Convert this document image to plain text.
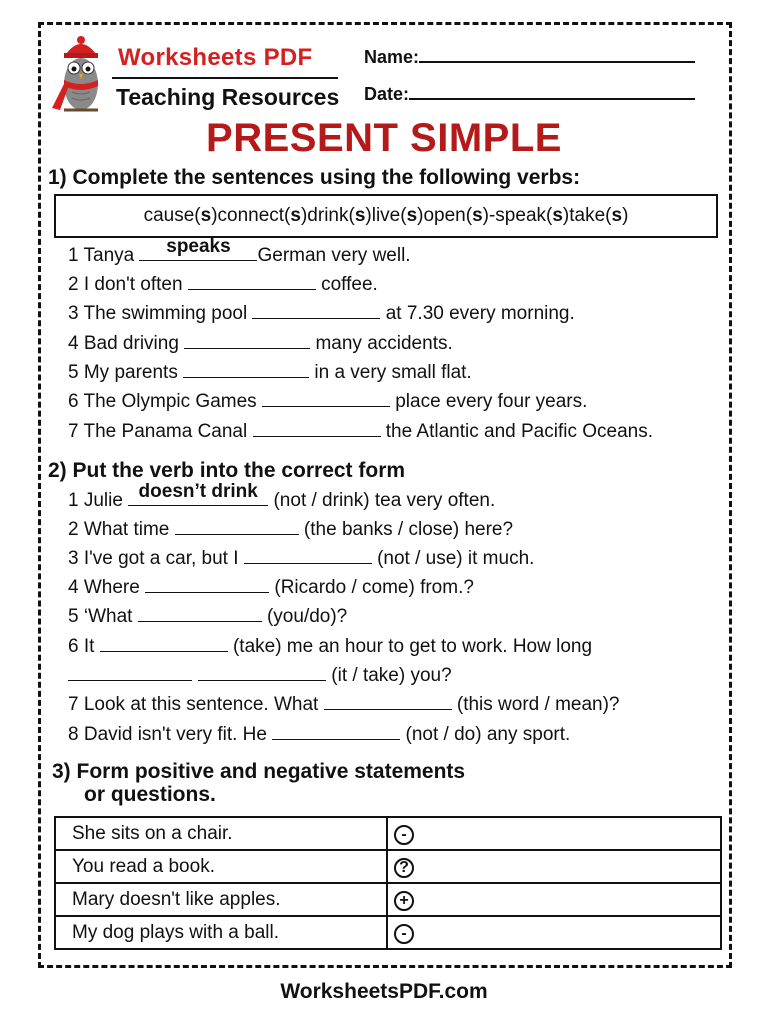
Worksheets PDF
Teaching Resources
Name:
Date:
PRESENT SIMPLE
1) Complete the sentences using the following verbs:
cause(s) connect(s) drink(s) live(s) open(s) -speak(s) take(s)
1 Tanya	speaks	German very well.
2 I don't often	coffee.
3 The swimming pool	at 7.30 every morning.
4 Bad driving	many accidents.
5 My parents	in a very small flat.
6 The Olympic Games	place every four years.
7 The Panama Canal	the Atlantic and Pacific Oceans.
2) Put the verb into the correct form
1 Julie doesn’t drink (not / drink) tea very often.
2 What time	(the banks / close) here?
3 I've got a car, but I	(not / use) it much.
4 Where	(Ricardo / come) from.?
5 ‘What	(you/do)?
6 It	(take) me an hour to get to work. How long
(it / take) you?
7 Look at this sentence. What	(this word / mean)?
8 David isn't very fit. He	(not / do) any sport.
3) Form positive and negative statements
or questions.
She sits on a chair.	-
You read a book.	?
Mary doesn't like apples.	+
My dog plays with a ball.	-
WorksheetsPDF.com
